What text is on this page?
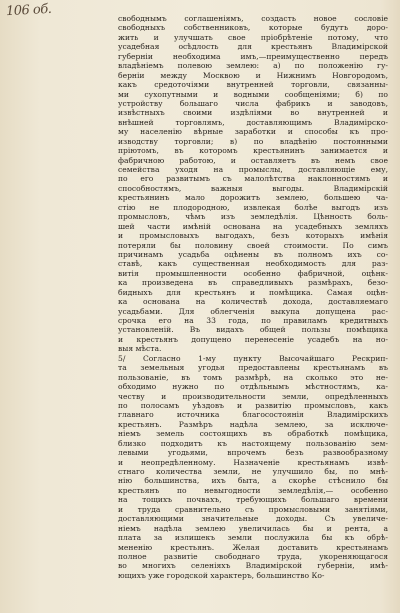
106 об.	свободнымъ соглашеніямъ, создасть новое сословіе
свободныхъ собственниковъ, которые будутъ доро-
жить и улучшать свое пріобрѣтеніе потому, что
усадебная осѣдлость для крестьянъ Владимірской
губерніи необходима имъ,—преимущественно передъ
владѣніемъ полевою землею: а) по положенію гу-
берніи между Москвою и Нижнимъ Новгородомъ,
какъ средоточіями внутренней торговли, связанны-
ми сухопутными и водными сообщеніями; б) по
устройству большаго числа фабрикъ и заводовъ,
извѣстныхъ своими издѣліями во внутренней и
внѣшней торговлямъ, доставляющимъ Владимірско-
му населенію вѣрные заработки и способы къ про-
изводству торговли; в) по владѣнію постоянными
пріютомъ, въ которомъ крестьянинъ занимается и
фабричною работою, и оставляетъ въ немъ свое
семейства уходя на промыслы, доставляющіе ему,
по его развитымъ съ малолѣтства наклонностямъ и
способностямъ, важныя выгоды. Владимірскій
крестьянинъ мало дорожитъ землею, большею ча-
стію не плодородною, извлекая болѣе выгодъ изъ
промысловъ, чѣмъ изъ земледѣлія. Цѣнность боль-
шей части имѣній основана на усадебныхъ земляхъ
и промысловыхъ выгодахъ, безъ которыхъ имѣнія
потеряли бы половину своей стоимости. По симъ
причинамъ усадьба оцѣнены въ полномъ ихъ со-
ставѣ, какъ существенная необходимость для раз-
витія промышленности особенно фабричной, оцѣнк-
ка произведена въ справедливыхъ размѣрахъ, безо-
бидныхъ для крестьянъ и помѣщика. Самая оцѣн-
ка основана на количествѣ дохода, доставляемаго
усадьбами. Для облегченія выкупа допущена рас-
срочка его на 33 года, по правиламъ кредитныхъ
установленій. Въ видахъ общей пользы помѣщика
и крестьянъ допущено перенесеніе усадебъ на но-
выя мѣста.
5/ Согласно 1-му пункту Высочайшаго Рескрип-
та земельныя угодья предоставлены крестьянамъ въ
пользованіе, въ томъ размѣрѣ, на сколько это не-
обходимо нужно по отдѣльнымъ мѣстностямъ, ка-
честву и производительности земли, опредѣленныхъ
по полосамъ уѣздовъ и развитію промысловъ, какъ
главнаго источника благосостоянія Владимірскихъ
крестьянъ. Размѣръ надѣла землею, за исключе-
ніемъ земель состоящихъ въ обработкѣ помѣщика,
близко подходитъ къ настоящему пользованію зем-
левыми угодьями, впрочемъ безъ развообразному
и неопредѣленному. Назначеніе крестьянамъ извѣ-
стнаго количества земли, не улучшило бы, по мнѣ-
нію большинства, ихъ быта, а скорѣе стѣснило бы
крестьянъ по невыгодности земледѣлія,— особенно
на тощихъ почвахъ, требующихъ большаго времени
и труда сравнительно съ промысловыми занятіями,
доставляющими значительные доходы. Съ увеличе-
ніемъ надѣла землею увеличилась бы и рента, а
плата за излишекъ земли послужила бы къ обрѣ-
мененію крестьянъ. Желая доставить крестьянамъ
полное развитіе свободнаго труда, укореняющагося
во многихъ селеніяхъ Владимірской губерніи, имѣ-
ющихъ уже городской характеръ, большинство Ко-
